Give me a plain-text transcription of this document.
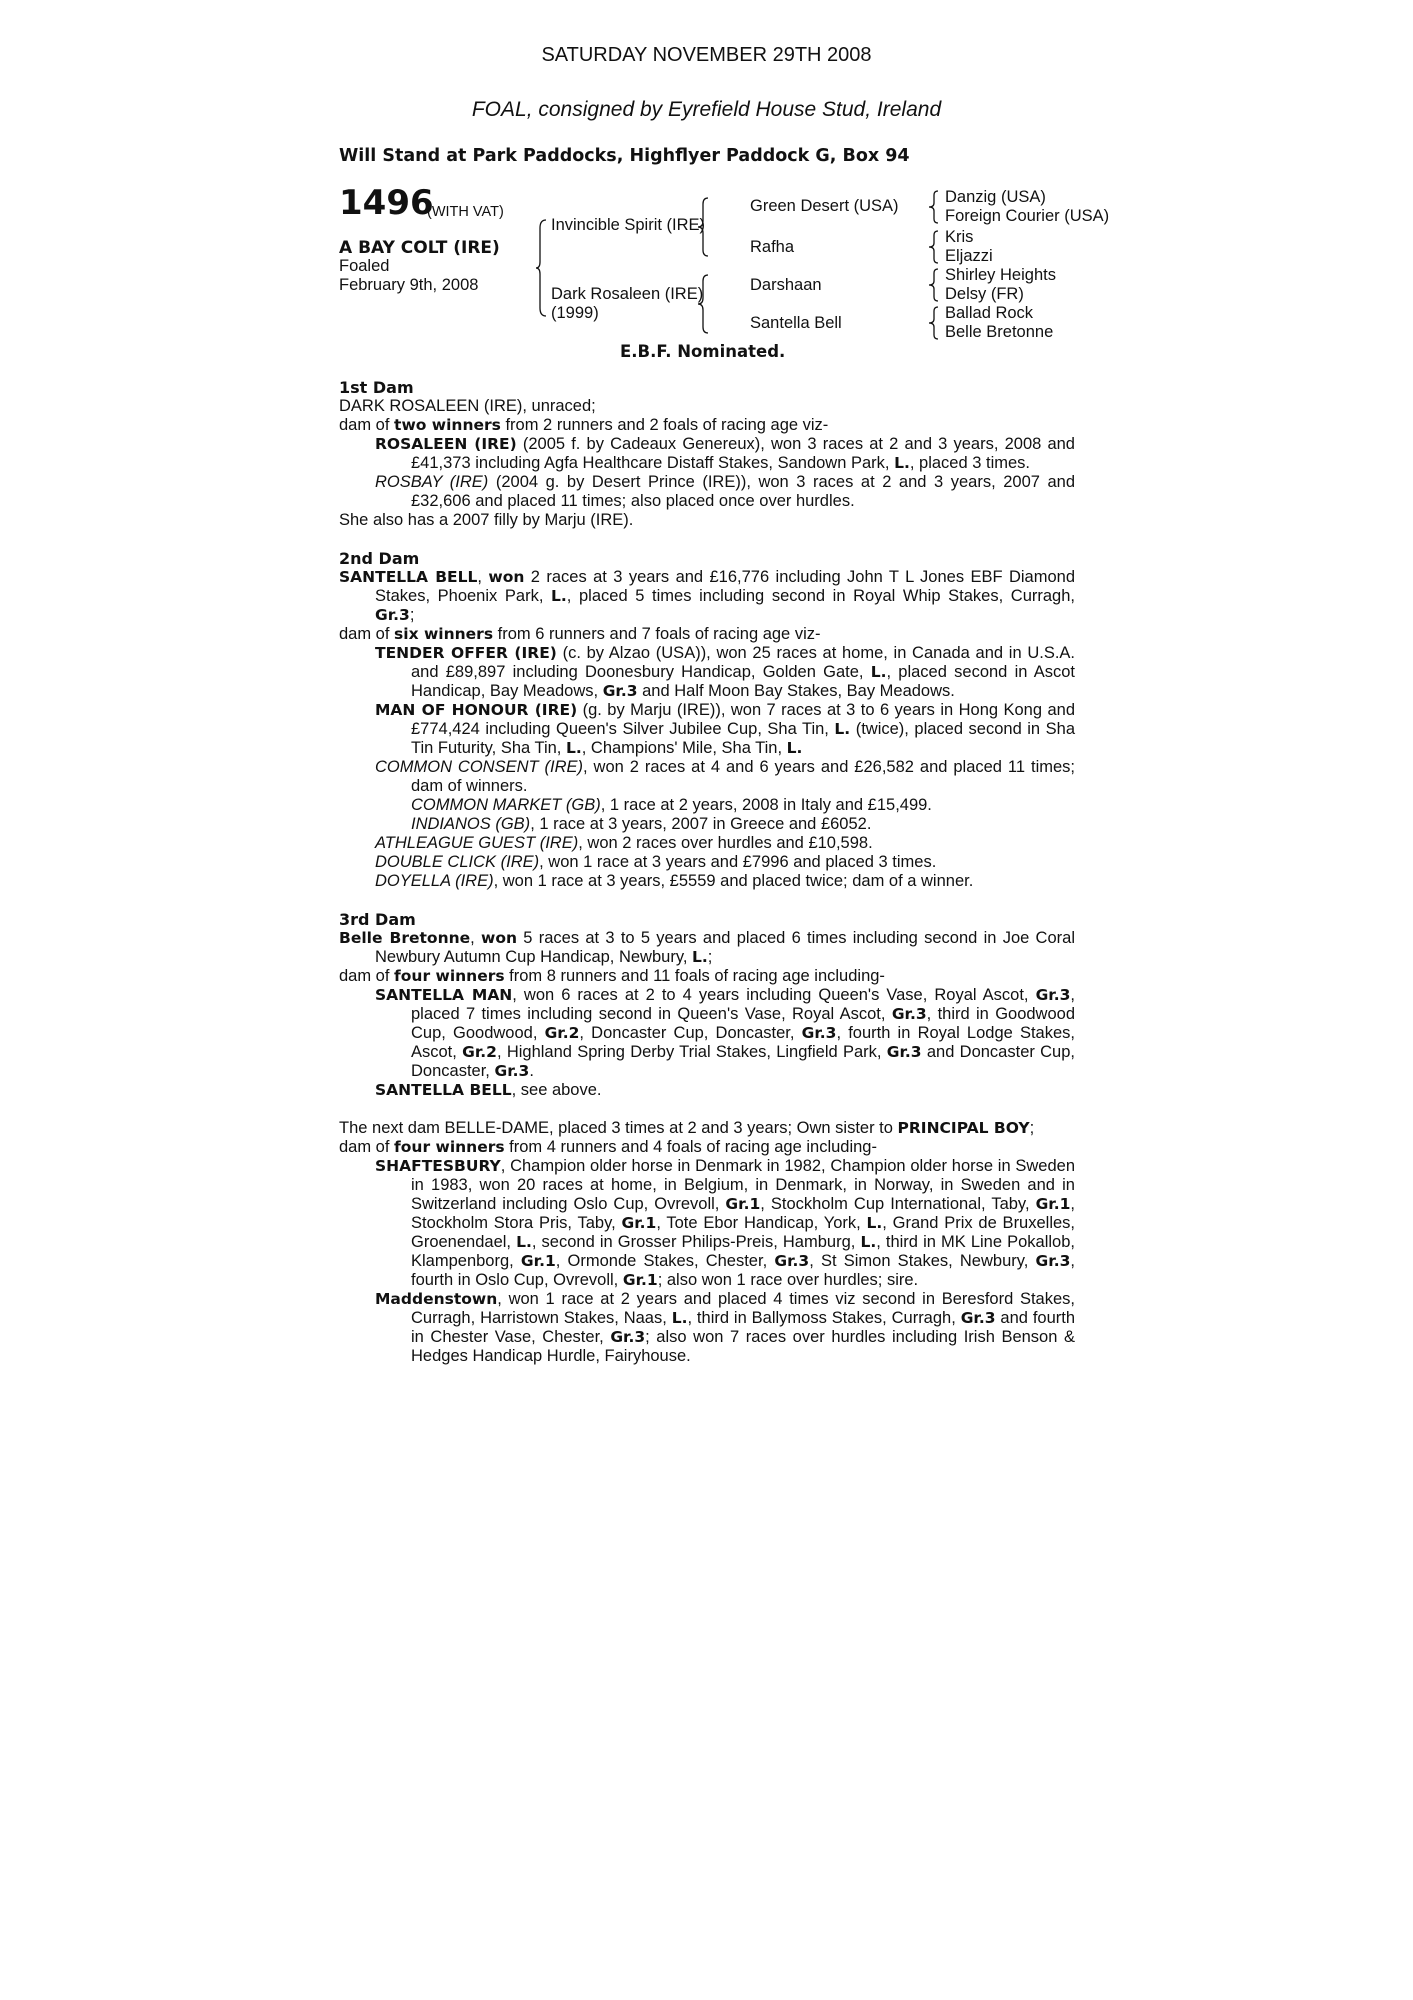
SATURDAY NOVEMBER 29TH 2008
FOAL, consigned by Eyrefield House Stud, Ireland
Will Stand at Park Paddocks, Highflyer Paddock G, Box 94
1496
(WITH VAT)
A BAY COLT (IRE)
Foaled
February 9th, 2008
Invincible Spirit (IRE)
Dark Rosaleen (IRE)
(1999)
Green Desert (USA)
Rafha
Darshaan
Santella Bell
Danzig (USA)
Foreign Courier (USA)
Kris
Eljazzi
Shirley Heights
Delsy (FR)
Ballad Rock
Belle Bretonne
E.B.F. Nominated.
1st Dam
DARK ROSALEEN (IRE), unraced;
dam of two winners from 2 runners and 2 foals of racing age viz-
ROSALEEN (IRE) (2005 f. by Cadeaux Genereux), won 3 races at 2 and 3 years, 2008 and £41,373 including Agfa Healthcare Distaff Stakes, Sandown Park, L., placed 3 times.
ROSBAY (IRE) (2004 g. by Desert Prince (IRE)), won 3 races at 2 and 3 years, 2007 and £32,606 and placed 11 times; also placed once over hurdles.
She also has a 2007 filly by Marju (IRE).
2nd Dam
SANTELLA BELL, won 2 races at 3 years and £16,776 including John T L Jones EBF Diamond Stakes, Phoenix Park, L., placed 5 times including second in Royal Whip Stakes, Curragh, Gr.3;
dam of six winners from 6 runners and 7 foals of racing age viz-
TENDER OFFER (IRE) (c. by Alzao (USA)), won 25 races at home, in Canada and in U.S.A. and £89,897 including Doonesbury Handicap, Golden Gate, L., placed second in Ascot Handicap, Bay Meadows, Gr.3 and Half Moon Bay Stakes, Bay Meadows.
MAN OF HONOUR (IRE) (g. by Marju (IRE)), won 7 races at 3 to 6 years in Hong Kong and £774,424 including Queen's Silver Jubilee Cup, Sha Tin, L. (twice), placed second in Sha Tin Futurity, Sha Tin, L., Champions' Mile, Sha Tin, L.
COMMON CONSENT (IRE), won 2 races at 4 and 6 years and £26,582 and placed 11 times; dam of winners.
COMMON MARKET (GB), 1 race at 2 years, 2008 in Italy and £15,499.
INDIANOS (GB), 1 race at 3 years, 2007 in Greece and £6052.
ATHLEAGUE GUEST (IRE), won 2 races over hurdles and £10,598.
DOUBLE CLICK (IRE), won 1 race at 3 years and £7996 and placed 3 times.
DOYELLA (IRE), won 1 race at 3 years, £5559 and placed twice; dam of a winner.
3rd Dam
Belle Bretonne, won 5 races at 3 to 5 years and placed 6 times including second in Joe Coral Newbury Autumn Cup Handicap, Newbury, L.;
dam of four winners from 8 runners and 11 foals of racing age including-
SANTELLA MAN, won 6 races at 2 to 4 years including Queen's Vase, Royal Ascot, Gr.3, placed 7 times including second in Queen's Vase, Royal Ascot, Gr.3, third in Goodwood Cup, Goodwood, Gr.2, Doncaster Cup, Doncaster, Gr.3, fourth in Royal Lodge Stakes, Ascot, Gr.2, Highland Spring Derby Trial Stakes, Lingfield Park, Gr.3 and Doncaster Cup, Doncaster, Gr.3.
SANTELLA BELL, see above.
The next dam BELLE-DAME, placed 3 times at 2 and 3 years; Own sister to PRINCIPAL BOY;
dam of four winners from 4 runners and 4 foals of racing age including-
SHAFTESBURY, Champion older horse in Denmark in 1982, Champion older horse in Sweden in 1983, won 20 races at home, in Belgium, in Denmark, in Norway, in Sweden and in Switzerland including Oslo Cup, Ovrevoll, Gr.1, Stockholm Cup International, Taby, Gr.1, Stockholm Stora Pris, Taby, Gr.1, Tote Ebor Handicap, York, L., Grand Prix de Bruxelles, Groenendael, L., second in Grosser Philips-Preis, Hamburg, L., third in MK Line Pokallob, Klampenborg, Gr.1, Ormonde Stakes, Chester, Gr.3, St Simon Stakes, Newbury, Gr.3, fourth in Oslo Cup, Ovrevoll, Gr.1; also won 1 race over hurdles; sire.
Maddenstown, won 1 race at 2 years and placed 4 times viz second in Beresford Stakes, Curragh, Harristown Stakes, Naas, L., third in Ballymoss Stakes, Curragh, Gr.3 and fourth in Chester Vase, Chester, Gr.3; also won 7 races over hurdles including Irish Benson & Hedges Handicap Hurdle, Fairyhouse.
